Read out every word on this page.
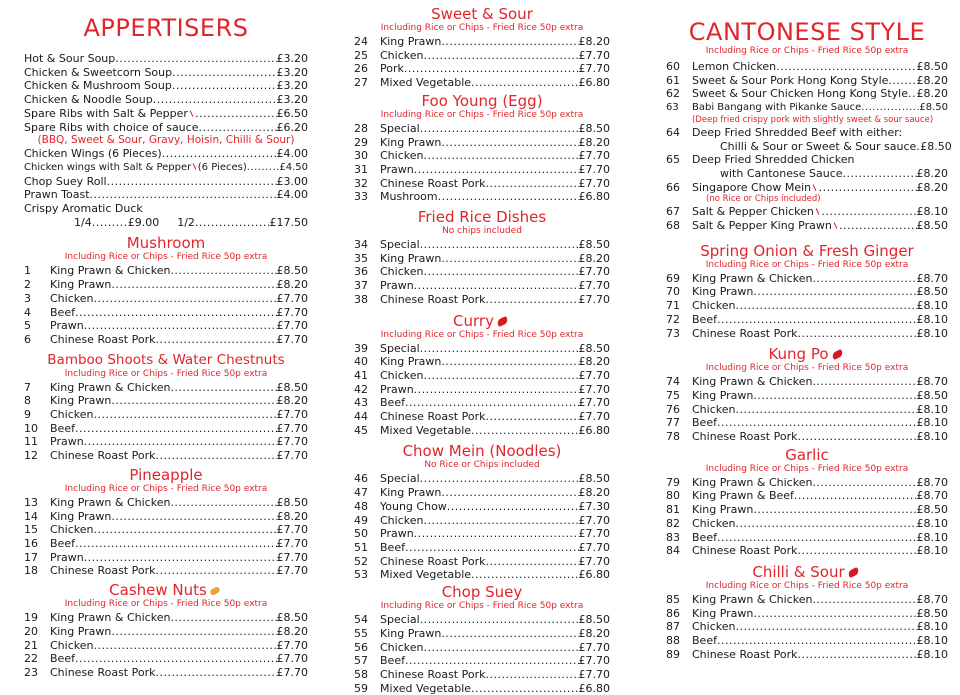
APPERTISERS
Hot & Sour Soup .....	£3.20
Chicken & Sweetcorn Soup .....	£3.20
Chicken & Mushroom Soup .....	£3.20
Chicken & Noodle Soup .....	£3.20
Spare Ribs with Salt & Pepper .....	£6.50
Spare Ribs with choice of sauce .....	£6.20
(BBQ, Sweet & Sour, Gravy, Hoisin, Chilli & Sour)
Chicken Wings (6 Pieces) .....	£4.00
Chicken wings with Salt & Pepper (6 Pieces) .....	£4.50
Chop Suey Roll .....	£3.00
Prawn Toast .....	£4.00
Crispy Aromatic Duck
1/4 .....	£9.00 1/2 .....	£17.50
Mushroom
Including Rice or Chips - Fried Rice 50p extra
1	King Prawn & Chicken .....	£8.50
2	King Prawn .....	£8.20
3	Chicken .....	£7.70
4	Beef .....	£7.70
5	Prawn .....	£7.70
6	Chinese Roast Pork .....	£7.70
Bamboo Shoots & Water Chestnuts
Including Rice or Chips - Fried Rice 50p extra
7	King Prawn & Chicken .....	£8.50
8	King Prawn .....	£8.20
9	Chicken .....	£7.70
10	Beef .....	£7.70
11	Prawn .....	£7.70
12	Chinese Roast Pork .....	£7.70
Pineapple
Including Rice or Chips - Fried Rice 50p extra
13	King Prawn & Chicken .....	£8.50
14	King Prawn .....	£8.20
15	Chicken .....	£7.70
16	Beef .....	£7.70
17	Prawn .....	£7.70
18	Chinese Roast Pork .....	£7.70
Cashew Nuts
Including Rice or Chips - Fried Rice 50p extra
19	King Prawn & Chicken .....	£8.50
20	King Prawn .....	£8.20
21	Chicken .....	£7.70
22	Beef .....	£7.70
23	Chinese Roast Pork .....	£7.70
Sweet & Sour
Including Rice or Chips - Fried Rice 50p extra
24	King Prawn .....	£8.20
25	Chicken .....	£7.70
26	Pork .....	£7.70
27	Mixed Vegetable .....	£6.80
Foo Young (Egg)
Including Rice or Chips - Fried Rice 50p extra
28	Special .....	£8.50
29	King Prawn .....	£8.20
30	Chicken .....	£7.70
31	Prawn .....	£7.70
32	Chinese Roast Pork .....	£7.70
33	Mushroom .....	£6.80
Fried Rice Dishes
No chips included
34	Special .....	£8.50
35	King Prawn .....	£8.20
36	Chicken .....	£7.70
37	Prawn .....	£7.70
38	Chinese Roast Pork .....	£7.70
Curry
Including Rice or Chips - Fried Rice 50p extra
39	Special .....	£8.50
40	King Prawn .....	£8.20
41	Chicken .....	£7.70
42	Prawn .....	£7.70
43	Beef .....	£7.70
44	Chinese Roast Pork .....	£7.70
45	Mixed Vegetable .....	£6.80
Chow Mein (Noodles)
No Rice or Chips included
46	Special .....	£8.50
47	King Prawn .....	£8.20
48	Young Chow .....	£7.30
49	Chicken .....	£7.70
50	Prawn .....	£7.70
51	Beef .....	£7.70
52	Chinese Roast Pork .....	£7.70
53	Mixed Vegetable .....	£6.80
Chop Suey
Including Rice or Chips - Fried Rice 50p extra
54	Special .....	£8.50
55	King Prawn .....	£8.20
56	Chicken .....	£7.70
57	Beef .....	£7.70
58	Chinese Roast Pork .....	£7.70
59	Mixed Vegetable .....	£6.80
CANTONESE STYLE
Including Rice or Chips - Fried Rice 50p extra
60	Lemon Chicken .....	£8.50
61	Sweet & Sour Pork Hong Kong Style .....	£8.20
62	Sweet & Sour Chicken Hong Kong Style ..... £8.20
63	Babi Bangang with Pikanke Sauce .....	£8.50
(Deep fried crispy pork with slightly sweet & sour sauce)
64	Deep Fried Shredded Beef with either:
Chilli & Sour or Sweet & Sour sauce ..... £8.50
65	Deep Fried Shredded Chicken
with Cantonese Sauce .....	£8.20
66	Singapore Chow Mein .....	£8.20
(no Rice or Chips included)
67	Salt & Pepper Chicken .....	£8.10
68	Salt & Pepper King Prawn .....	£8.50
Spring Onion & Fresh Ginger
Including Rice or Chips - Fried Rice 50p extra
69	King Prawn & Chicken .....	£8.70
70	King Prawn .....	£8.50
71	Chicken .....	£8.10
72	Beef .....	£8.10
73	Chinese Roast Pork .....	£8.10
Kung Po
Including Rice or Chips - Fried Rice 50p extra
74	King Prawn & Chicken .....	£8.70
75	King Prawn .....	£8.50
76	Chicken .....	£8.10
77	Beef .....	£8.10
78	Chinese Roast Pork .....	£8.10
Garlic
Including Rice or Chips - Fried Rice 50p extra
79	King Prawn & Chicken .....	£8.70
80	King Prawn & Beef .....	£8.70
81	King Prawn .....	£8.50
82	Chicken .....	£8.10
83	Beef .....	£8.10
84	Chinese Roast Pork .....	£8.10
Chilli & Sour
Including Rice or Chips - Fried Rice 50p extra
85	King Prawn & Chicken .....	£8.70
86	King Prawn .....	£8.50
87	Chicken .....	£8.10
88	Beef .....	£8.10
89	Chinese Roast Pork .....	£8.10
